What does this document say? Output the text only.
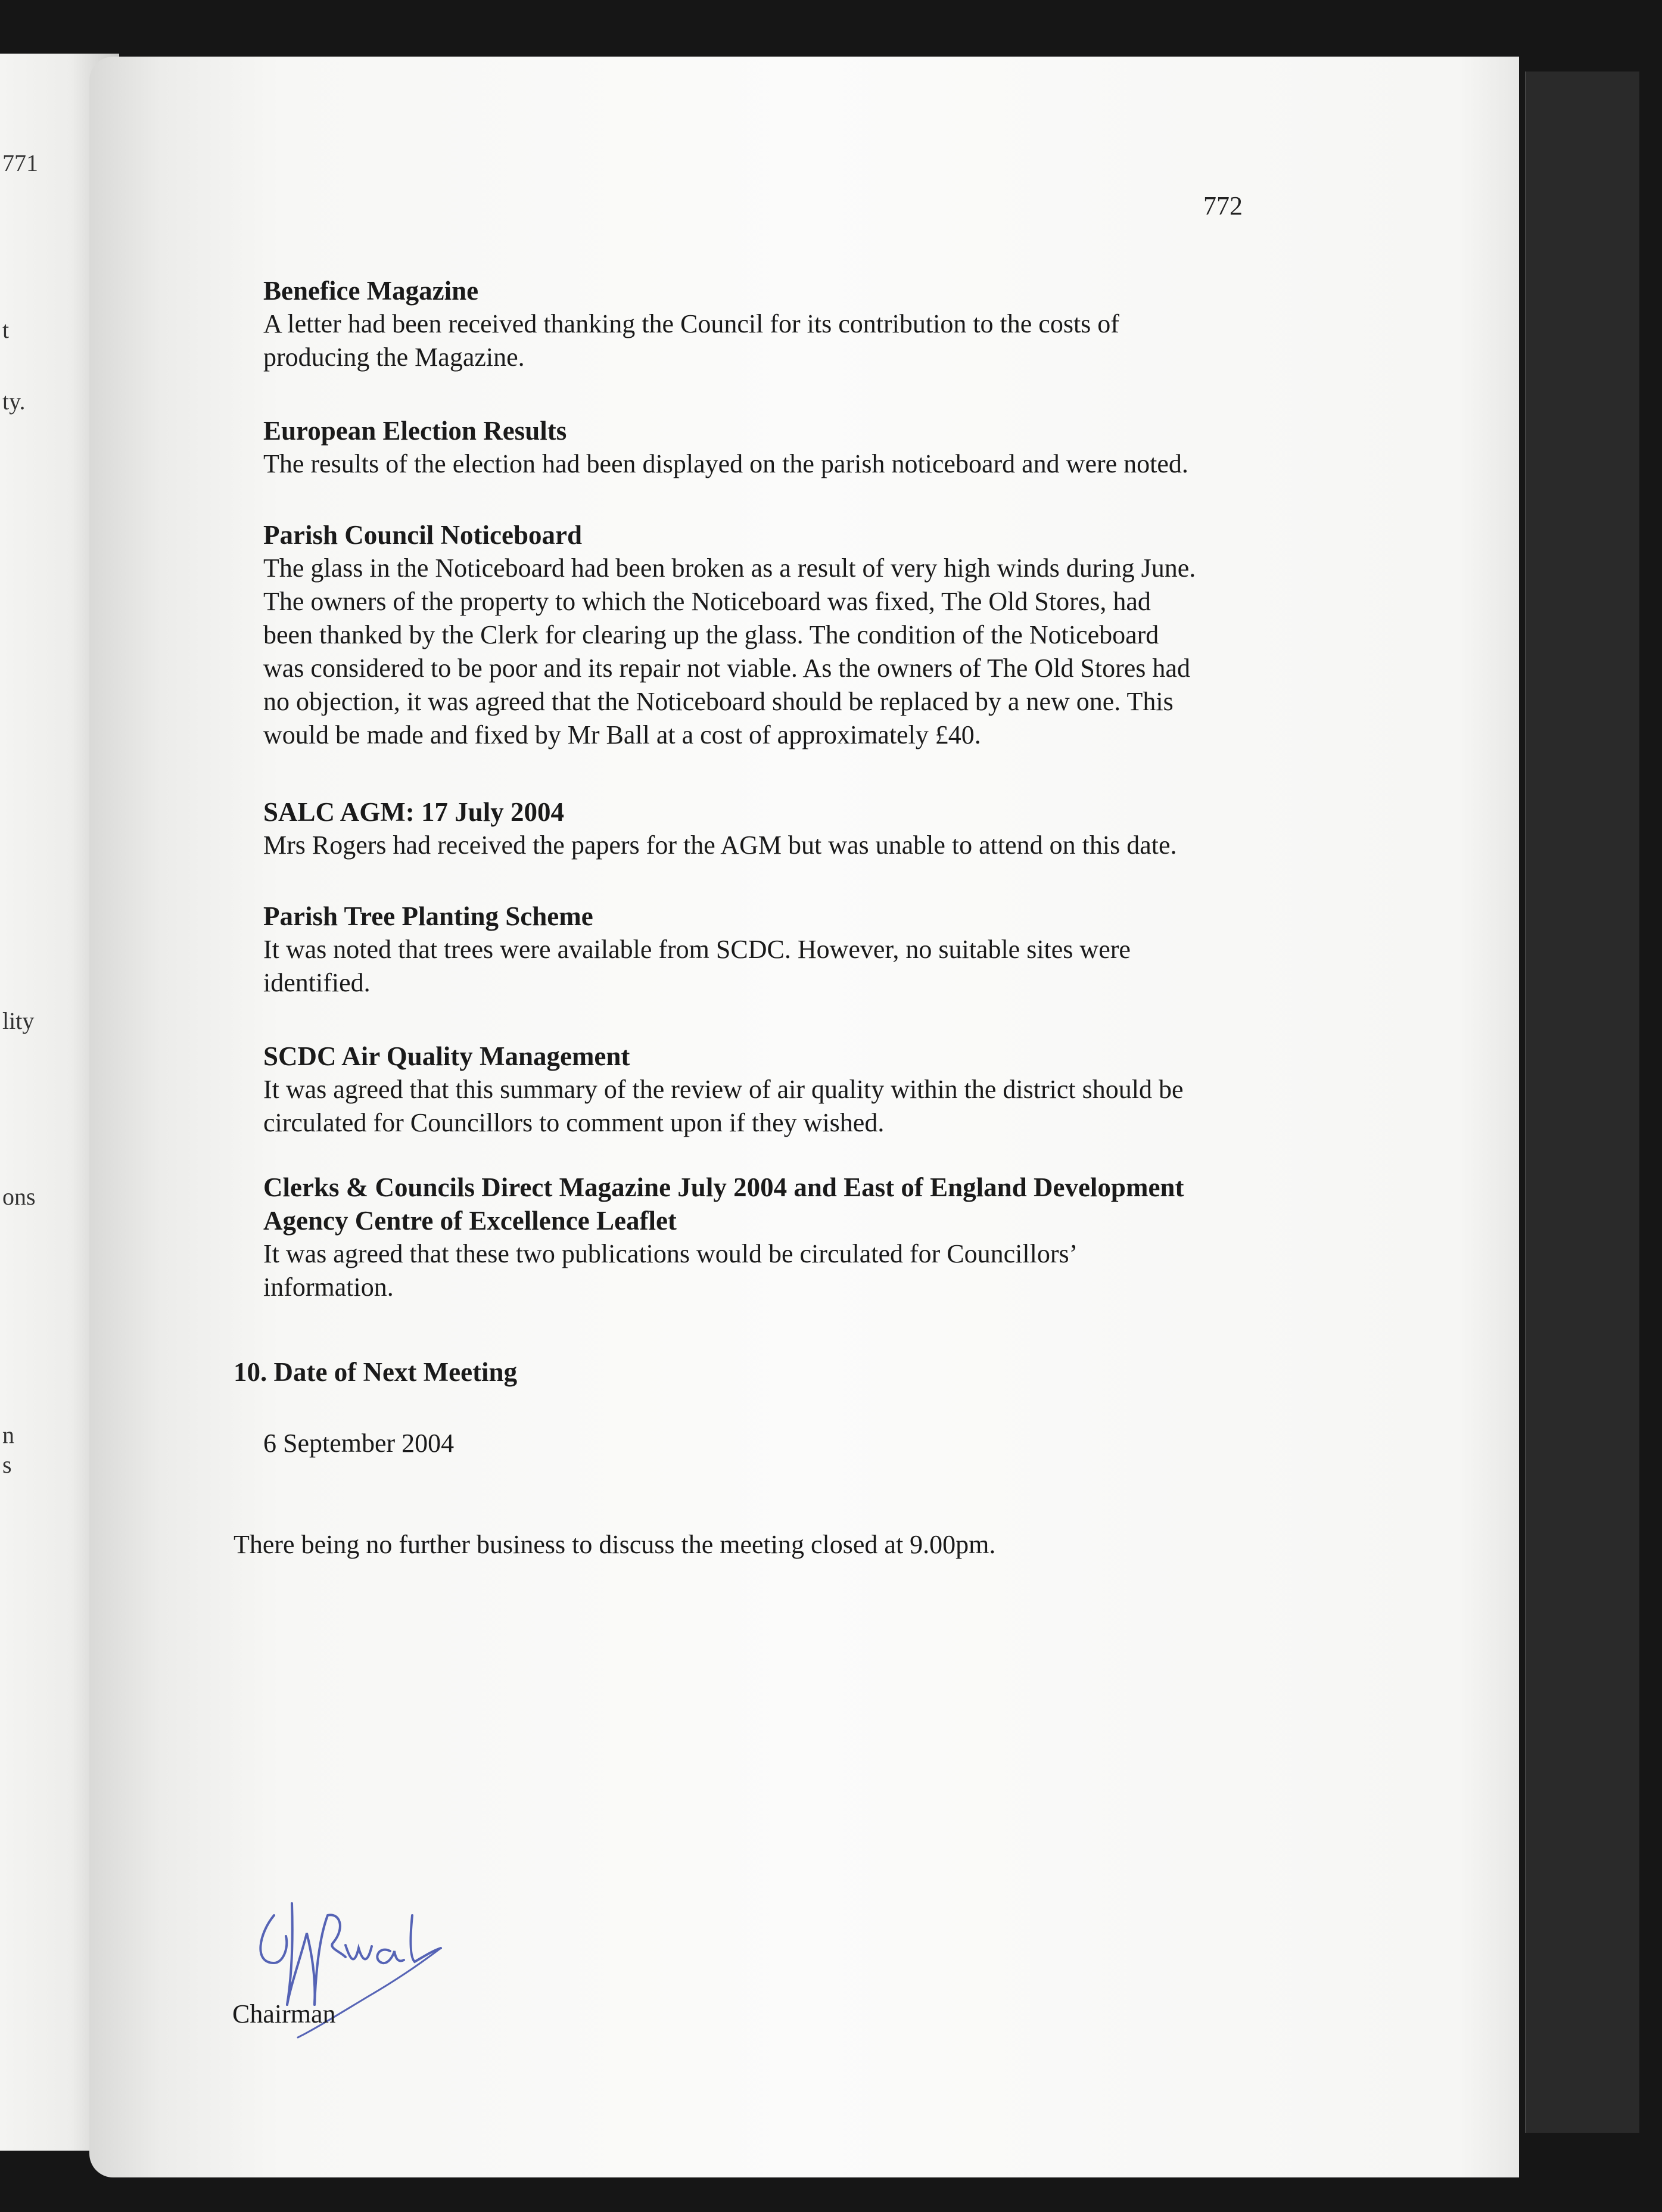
771
t
ty.
lity
ons
n
s
772
Benefice Magazine
A letter had been received thanking the Council for its contribution to the costs of
producing the Magazine.
European Election Results
The results of the election had been displayed on the parish noticeboard and were noted.
Parish Council Noticeboard
The glass in the Noticeboard had been broken as a result of very high winds during June.
The owners of the property to which the Noticeboard was fixed, The Old Stores, had
been thanked by the Clerk for clearing up the glass. The condition of the Noticeboard
was considered to be poor and its repair not viable. As the owners of The Old Stores had
no objection, it was agreed that the Noticeboard should be replaced by a new one. This
would be made and fixed by Mr Ball at a cost of approximately £40.
SALC AGM: 17 July 2004
Mrs Rogers had received the papers for the AGM but was unable to attend on this date.
Parish Tree Planting Scheme
It was noted that trees were available from SCDC. However, no suitable sites were
identified.
SCDC Air Quality Management
It was agreed that this summary of the review of air quality within the district should be
circulated for Councillors to comment upon if they wished.
Clerks & Councils Direct Magazine July 2004 and East of England Development
Agency Centre of Excellence Leaflet
It was agreed that these two publications would be circulated for Councillors’
information.
10. Date of Next Meeting
6 September 2004
There being no further business to discuss the meeting closed at 9.00pm.
Chairman
